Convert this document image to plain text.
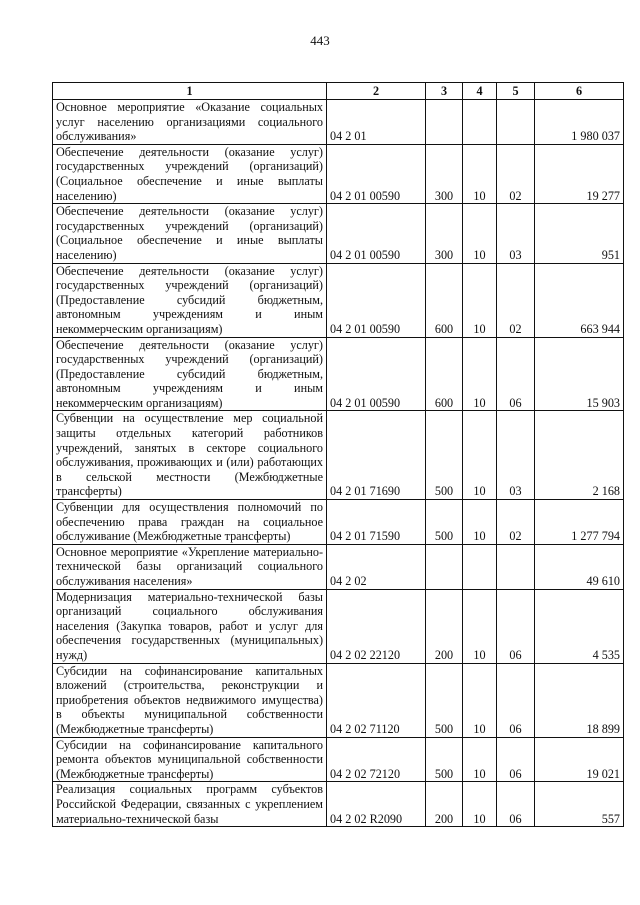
443
1	2	3	4	5	6
Основное мероприятие «Оказание социальных услуг населению организациями социального обслуживания»	04 2 01				1 980 037
Обеспечение деятельности (оказание услуг) государственных учреждений (организаций) (Социальное обеспечение и иные выплаты населению)	04 2 01 00590	300	10	02	19 277
Обеспечение деятельности (оказание услуг) государственных учреждений (организаций) (Социальное обеспечение и иные выплаты населению)	04 2 01 00590	300	10	03	951
Обеспечение деятельности (оказание услуг) государственных учреждений (организаций) (Предоставление субсидий бюджетным, автономным учреждениям и иным некоммерческим организациям)	04 2 01 00590	600	10	02	663 944
Обеспечение деятельности (оказание услуг) государственных учреждений (организаций) (Предоставление субсидий бюджетным, автономным учреждениям и иным некоммерческим организациям)	04 2 01 00590	600	10	06	15 903
Субвенции на осуществление мер социальной защиты отдельных категорий работников учреждений, занятых в секторе социального обслуживания, проживающих и (или) работающих в сельской местности (Межбюджетные трансферты)	04 2 01 71690	500	10	03	2 168
Субвенции для осуществления полномочий по обеспечению права граждан на социальное обслуживание (Межбюджетные трансферты)	04 2 01 71590	500	10	02	1 277 794
Основное мероприятие «Укрепление материально-технической базы организаций социального обслуживания населения»	04 2 02				49 610
Модернизация материально-технической базы организаций социального обслуживания населения (Закупка товаров, работ и услуг для обеспечения государственных (муниципальных) нужд)	04 2 02 22120	200	10	06	4 535
Субсидии на софинансирование капитальных вложений (строительства, реконструкции и приобретения объектов недвижимого имущества) в объекты муниципальной собственности (Межбюджетные трансферты)	04 2 02 71120	500	10	06	18 899
Субсидии на софинансирование капитального ремонта объектов муниципальной собственности (Межбюджетные трансферты)	04 2 02 72120	500	10	06	19 021
Реализация социальных программ субъектов Российской Федерации, связанных с укреплением материально-технической базы	04 2 02 R2090	200	10	06	557
